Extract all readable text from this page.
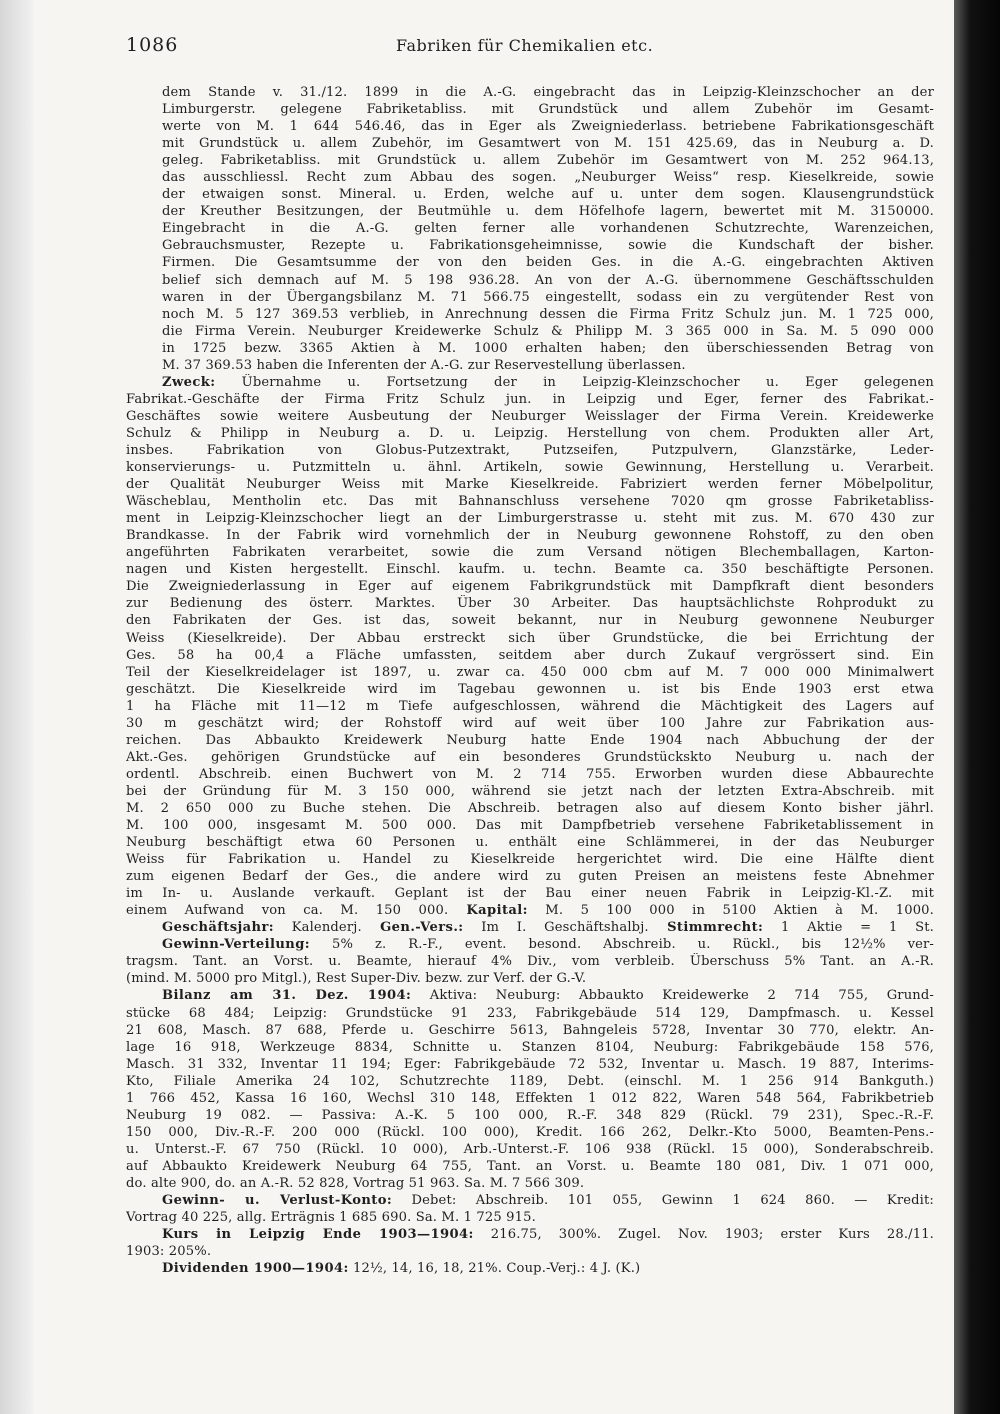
1086	Fabriken für Chemikalien etc.
dem Stande v. 31./12. 1899 in die A.-G. eingebracht das in Leipzig-Kleinzschocher an der
Limburgerstr. gelegene Fabriketabliss. mit Grundstück und allem Zubehör im Gesamt-
werte von M. 1 644 546.46, das in Eger als Zweigniederlass. betriebene Fabrikationsgeschäft
mit Grundstück u. allem Zubehör, im Gesamtwert von M. 151 425.69, das in Neuburg a. D.
geleg. Fabriketabliss. mit Grundstück u. allem Zubehör im Gesamtwert von M. 252 964.13,
das ausschliessl. Recht zum Abbau des sogen. „Neuburger Weiss“ resp. Kieselkreide, sowie
der etwaigen sonst. Mineral. u. Erden, welche auf u. unter dem sogen. Klausengrundstück
der Kreuther Besitzungen, der Beutmühle u. dem Höfelhofe lagern, bewertet mit M. 3150000.
Eingebracht in die A.-G. gelten ferner alle vorhandenen Schutzrechte, Warenzeichen,
Gebrauchsmuster, Rezepte u. Fabrikationsgeheimnisse, sowie die Kundschaft der bisher.
Firmen. Die Gesamtsumme der von den beiden Ges. in die A.-G. eingebrachten Aktiven
belief sich demnach auf M. 5 198 936.28. An von der A.-G. übernommene Geschäftsschulden
waren in der Übergangsbilanz M. 71 566.75 eingestellt, sodass ein zu vergütender Rest von
noch M. 5 127 369.53 verblieb, in Anrechnung dessen die Firma Fritz Schulz jun. M. 1 725 000,
die Firma Verein. Neuburger Kreidewerke Schulz & Philipp M. 3 365 000 in Sa. M. 5 090 000
in 1725 bezw. 3365 Aktien à M. 1000 erhalten haben; den überschiessenden Betrag von
M. 37 369.53 haben die Inferenten der A.-G. zur Reservestellung überlassen.
Zweck: Übernahme u. Fortsetzung der in Leipzig-Kleinzschocher u. Eger gelegenen
Fabrikat.-Geschäfte der Firma Fritz Schulz jun. in Leipzig und Eger, ferner des Fabrikat.-
Geschäftes sowie weitere Ausbeutung der Neuburger Weisslager der Firma Verein. Kreidewerke
Schulz & Philipp in Neuburg a. D. u. Leipzig. Herstellung von chem. Produkten aller Art,
insbes. Fabrikation von Globus-Putzextrakt, Putzseifen, Putzpulvern, Glanzstärke, Leder-
konservierungs- u. Putzmitteln u. ähnl. Artikeln, sowie Gewinnung, Herstellung u. Verarbeit.
der Qualität Neuburger Weiss mit Marke Kieselkreide. Fabriziert werden ferner Möbelpolitur,
Wäscheblau, Mentholin etc. Das mit Bahnanschluss versehene 7020 qm grosse Fabriketabliss-
ment in Leipzig-Kleinzschocher liegt an der Limburgerstrasse u. steht mit zus. M. 670 430 zur
Brandkasse. In der Fabrik wird vornehmlich der in Neuburg gewonnene Rohstoff, zu den oben
angeführten Fabrikaten verarbeitet, sowie die zum Versand nötigen Blechemballagen, Karton-
nagen und Kisten hergestellt. Einschl. kaufm. u. techn. Beamte ca. 350 beschäftigte Personen.
Die Zweigniederlassung in Eger auf eigenem Fabrikgrundstück mit Dampfkraft dient besonders
zur Bedienung des österr. Marktes. Über 30 Arbeiter. Das hauptsächlichste Rohprodukt zu
den Fabrikaten der Ges. ist das, soweit bekannt, nur in Neuburg gewonnene Neuburger
Weiss (Kieselkreide). Der Abbau erstreckt sich über Grundstücke, die bei Errichtung der
Ges. 58 ha 00,4 a Fläche umfassten, seitdem aber durch Zukauf vergrössert sind. Ein
Teil der Kieselkreidelager ist 1897, u. zwar ca. 450 000 cbm auf M. 7 000 000 Minimalwert
geschätzt. Die Kieselkreide wird im Tagebau gewonnen u. ist bis Ende 1903 erst etwa
1 ha Fläche mit 11—12 m Tiefe aufgeschlossen, während die Mächtigkeit des Lagers auf
30 m geschätzt wird; der Rohstoff wird auf weit über 100 Jahre zur Fabrikation aus-
reichen. Das Abbaukto Kreidewerk Neuburg hatte Ende 1904 nach Abbuchung der der
Akt.-Ges. gehörigen Grundstücke auf ein besonderes Grundstückskto Neuburg u. nach der
ordentl. Abschreib. einen Buchwert von M. 2 714 755. Erworben wurden diese Abbaurechte
bei der Gründung für M. 3 150 000, während sie jetzt nach der letzten Extra-Abschreib. mit
M. 2 650 000 zu Buche stehen. Die Abschreib. betragen also auf diesem Konto bisher jährl.
M. 100 000, insgesamt M. 500 000. Das mit Dampfbetrieb versehene Fabriketablissement in
Neuburg beschäftigt etwa 60 Personen u. enthält eine Schlämmerei, in der das Neuburger
Weiss für Fabrikation u. Handel zu Kieselkreide hergerichtet wird. Die eine Hälfte dient
zum eigenen Bedarf der Ges., die andere wird zu guten Preisen an meistens feste Abnehmer
im In- u. Auslande verkauft. Geplant ist der Bau einer neuen Fabrik in Leipzig-Kl.-Z. mit
einem Aufwand von ca. M. 150 000. Kapital: M. 5 100 000 in 5100 Aktien à M. 1000.
Geschäftsjahr: Kalenderj. Gen.-Vers.: Im I. Geschäftshalbj. Stimmrecht: 1 Aktie = 1 St.
Gewinn-Verteilung: 5% z. R.-F., event. besond. Abschreib. u. Rückl., bis 12½% ver-
tragsm. Tant. an Vorst. u. Beamte, hierauf 4% Div., vom verbleib. Überschuss 5% Tant. an A.-R.
(mind. M. 5000 pro Mitgl.), Rest Super-Div. bezw. zur Verf. der G.-V.
Bilanz am 31. Dez. 1904: Aktiva: Neuburg: Abbaukto Kreidewerke 2 714 755, Grund-
stücke 68 484; Leipzig: Grundstücke 91 233, Fabrikgebäude 514 129, Dampfmasch. u. Kessel
21 608, Masch. 87 688, Pferde u. Geschirre 5613, Bahngeleis 5728, Inventar 30 770, elektr. An-
lage 16 918, Werkzeuge 8834, Schnitte u. Stanzen 8104, Neuburg: Fabrikgebäude 158 576,
Masch. 31 332, Inventar 11 194; Eger: Fabrikgebäude 72 532, Inventar u. Masch. 19 887, Interims-
Kto, Filiale Amerika 24 102, Schutzrechte 1189, Debt. (einschl. M. 1 256 914 Bankguth.)
1 766 452, Kassa 16 160, Wechsl 310 148, Effekten 1 012 822, Waren 548 564, Fabrikbetrieb
Neuburg 19 082. — Passiva: A.-K. 5 100 000, R.-F. 348 829 (Rückl. 79 231), Spec.-R.-F.
150 000, Div.-R.-F. 200 000 (Rückl. 100 000), Kredit. 166 262, Delkr.-Kto 5000, Beamten-Pens.-
u. Unterst.-F. 67 750 (Rückl. 10 000), Arb.-Unterst.-F. 106 938 (Rückl. 15 000), Sonderabschreib.
auf Abbaukto Kreidewerk Neuburg 64 755, Tant. an Vorst. u. Beamte 180 081, Div. 1 071 000,
do. alte 900, do. an A.-R. 52 828, Vortrag 51 963. Sa. M. 7 566 309.
Gewinn- u. Verlust-Konto: Debet: Abschreib. 101 055, Gewinn 1 624 860. — Kredit:
Vortrag 40 225, allg. Erträgnis 1 685 690. Sa. M. 1 725 915.
Kurs in Leipzig Ende 1903—1904: 216.75, 300%. Zugel. Nov. 1903; erster Kurs 28./11.
1903: 205%.
Dividenden 1900—1904: 12½, 14, 16, 18, 21%. Coup.-Verj.: 4 J. (K.)
